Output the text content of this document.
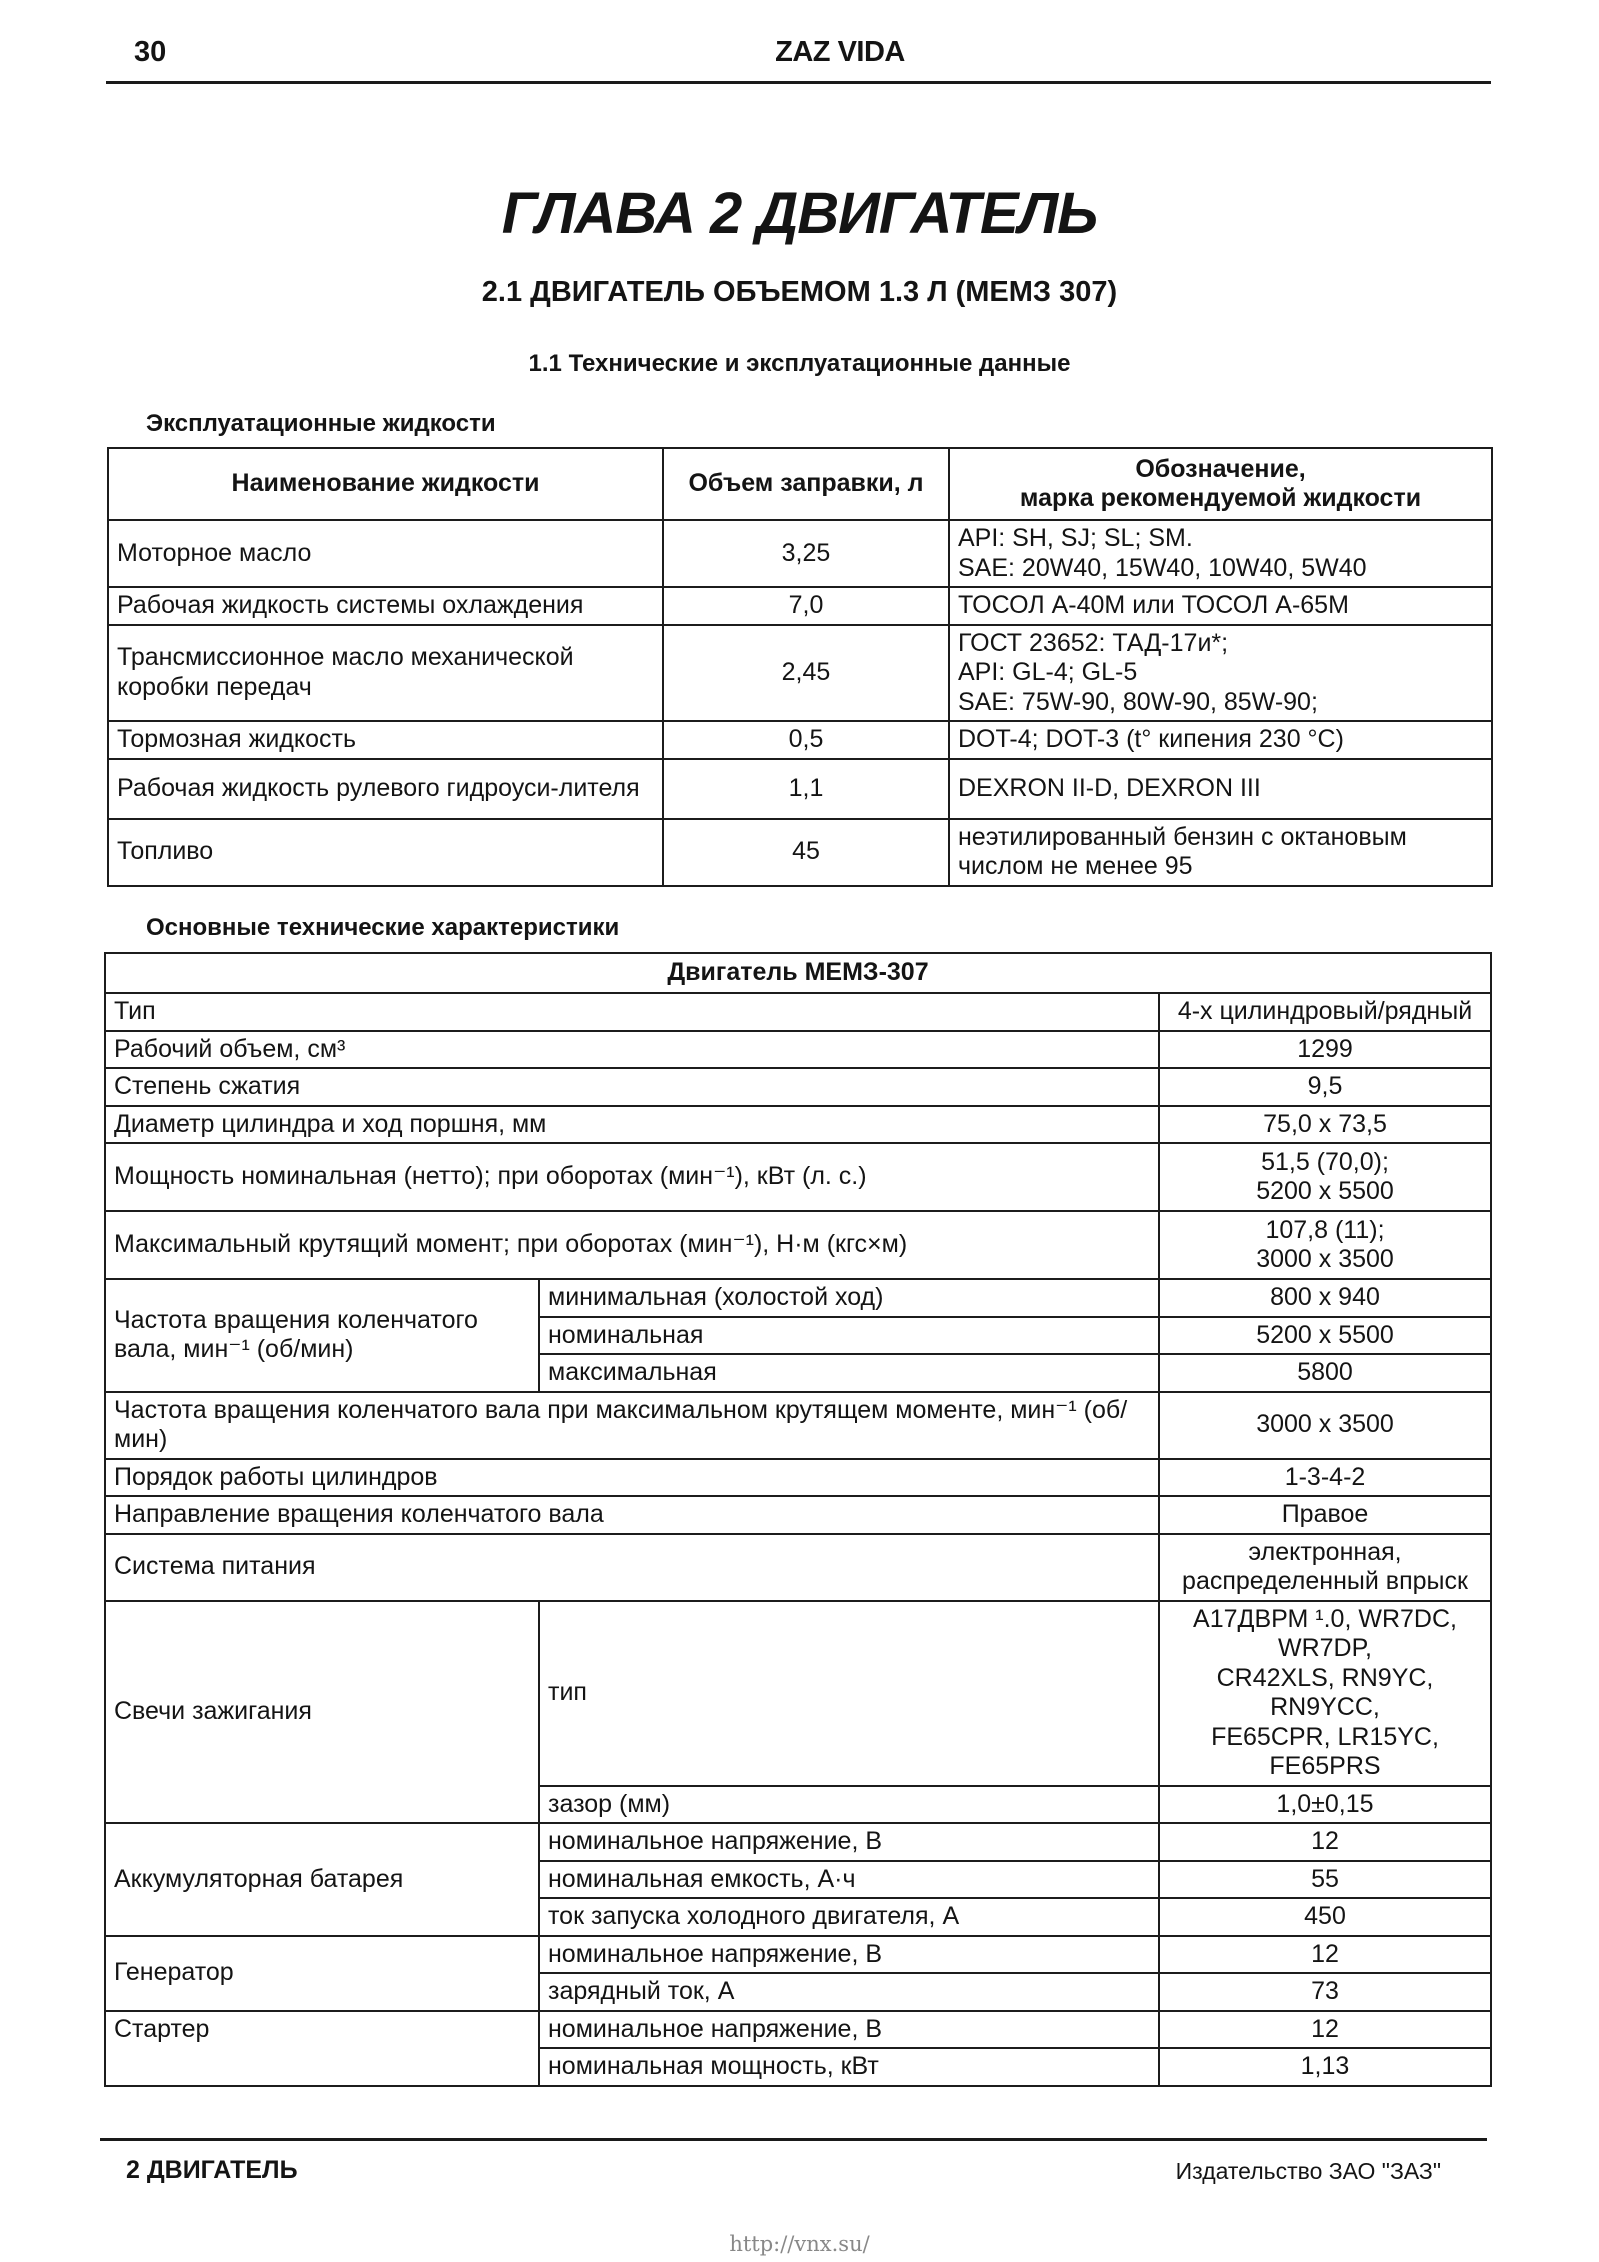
30	ZAZ VIDA
ГЛАВА 2 ДВИГАТЕЛЬ
2.1 ДВИГАТЕЛЬ ОБЪЕМОМ 1.3 Л (МЕМЗ 307)
1.1 Технические и эксплуатационные данные
Эксплуатационные жидкости
Наименование жидкости	Объем заправки, л	Обозначение,
марка рекомендуемой жидкости
Моторное масло	3,25	API: SH, SJ; SL; SM.
SAE: 20W40, 15W40, 10W40, 5W40
Рабочая жидкость системы охлаждения	7,0	ТОСОЛ А-40М или ТОСОЛ А-65М
Трансмиссионное масло механической коробки передач	2,45	ГОСТ 23652: ТАД-17и*;
API: GL-4; GL-5
SAE: 75W-90, 80W-90, 85W-90;
Тормозная жидкость	0,5	DOT-4; DOT-3 (t° кипения 230 °С)
Рабочая жидкость рулевого гидроуси-лителя	1,1	DEXRON II-D, DEXRON III
Топливо	45	неэтилированный бензин с октановым числом не менее 95
Основные технические характеристики
Двигатель МЕМЗ-307		
Тип		4-х цилиндровый/рядный
Рабочий объем, см³		1299
Степень сжатия		9,5
Диаметр цилиндра и ход поршня, мм		75,0 x 73,5
Мощность номинальная (нетто); при оборотах (мин⁻¹), кВт (л. с.)		51,5 (70,0);
5200 x 5500
Максимальный крутящий момент; при оборотах (мин⁻¹), Н·м (кгс×м)		107,8 (11);
3000 x 3500
Частота вращения коленчатого вала, мин⁻¹ (об/мин)	минимальная (холостой ход)	800 x 940
	номинальная	5200 x 5500
	максимальная	5800
Частота вращения коленчатого вала при максимальном крутящем моменте, мин⁻¹ (об/мин)		3000 x 3500
Порядок работы цилиндров		1-3-4-2
Направление вращения коленчатого вала		Правое
Система питания		электронная, распределенный впрыск
Свечи зажигания	тип	А17ДВРМ ¹.0, WR7DC, WR7DP,
CR42XLS, RN9YC, RN9YCC,
FE65CPR, LR15YC, FE65PRS
	зазор (мм)	1,0±0,15
Аккумуляторная батарея	номинальное напряжение, В	12
	номинальная емкость, А·ч	55
	ток запуска холодного двигателя, А	450
Генератор	номинальное напряжение, В	12
	зарядный ток, А	73
Стартер	номинальное напряжение, В	12
	номинальная мощность, кВт	1,13
2 ДВИГАТЕЛЬ	Издательство ЗАО "ЗАЗ"
http://vnx.su/
